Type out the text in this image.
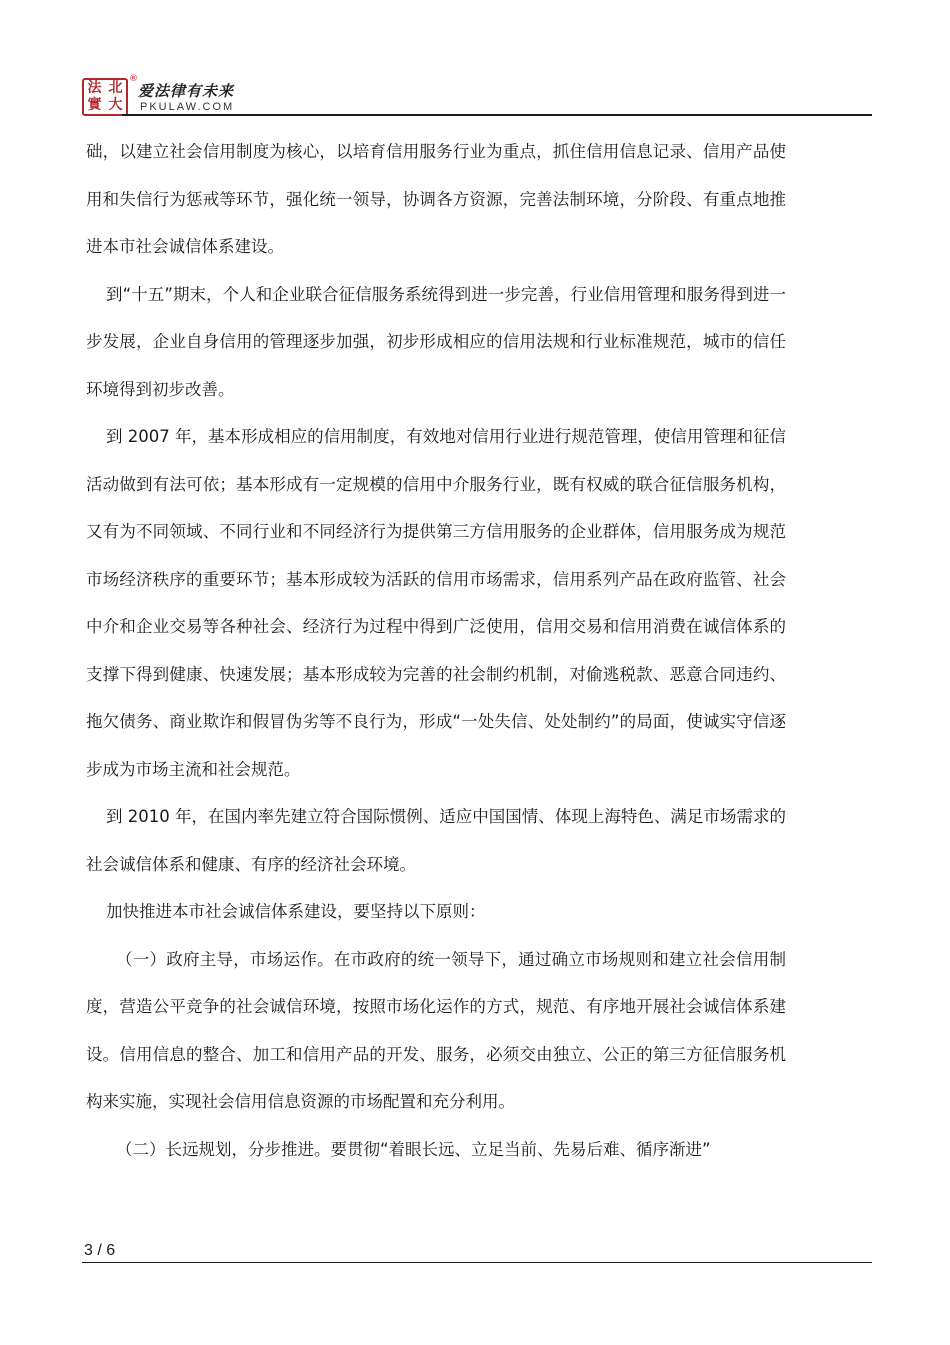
法 北
實 大
®
爱法律有未来
PKULAW.COM

础，以建立社会信用制度为核心，以培育信用服务行业为重点，抓住信用信息记录、信用产品使用和失信行为惩戒等环节，强化统一领导，协调各方资源，完善法制环境，分阶段、有重点地推进本市社会诚信体系建设。

到“十五”期末，个人和企业联合征信服务系统得到进一步完善，行业信用管理和服务得到进一步发展，企业自身信用的管理逐步加强，初步形成相应的信用法规和行业标准规范，城市的信任环境得到初步改善。

到 2007 年，基本形成相应的信用制度，有效地对信用行业进行规范管理，使信用管理和征信活动做到有法可依；基本形成有一定规模的信用中介服务行业，既有权威的联合征信服务机构，又有为不同领域、不同行业和不同经济行为提供第三方信用服务的企业群体，信用服务成为规范市场经济秩序的重要环节；基本形成较为活跃的信用市场需求，信用系列产品在政府监管、社会中介和企业交易等各种社会、经济行为过程中得到广泛使用，信用交易和信用消费在诚信体系的支撑下得到健康、快速发展；基本形成较为完善的社会制约机制，对偷逃税款、恶意合同违约、拖欠债务、商业欺诈和假冒伪劣等不良行为，形成“一处失信、处处制约”的局面，使诚实守信逐步成为市场主流和社会规范。

到 2010 年，在国内率先建立符合国际惯例、适应中国国情、体现上海特色、满足市场需求的社会诚信体系和健康、有序的经济社会环境。

加快推进本市社会诚信体系建设，要坚持以下原则：

（一）政府主导，市场运作。在市政府的统一领导下，通过确立市场规则和建立社会信用制度，营造公平竞争的社会诚信环境，按照市场化运作的方式，规范、有序地开展社会诚信体系建设。信用信息的整合、加工和信用产品的开发、服务，必须交由独立、公正的第三方征信服务机构来实施，实现社会信用信息资源的市场配置和充分利用。

（二）长远规划，分步推进。要贯彻“着眼长远、立足当前、先易后难、循序渐进”

3 / 6
